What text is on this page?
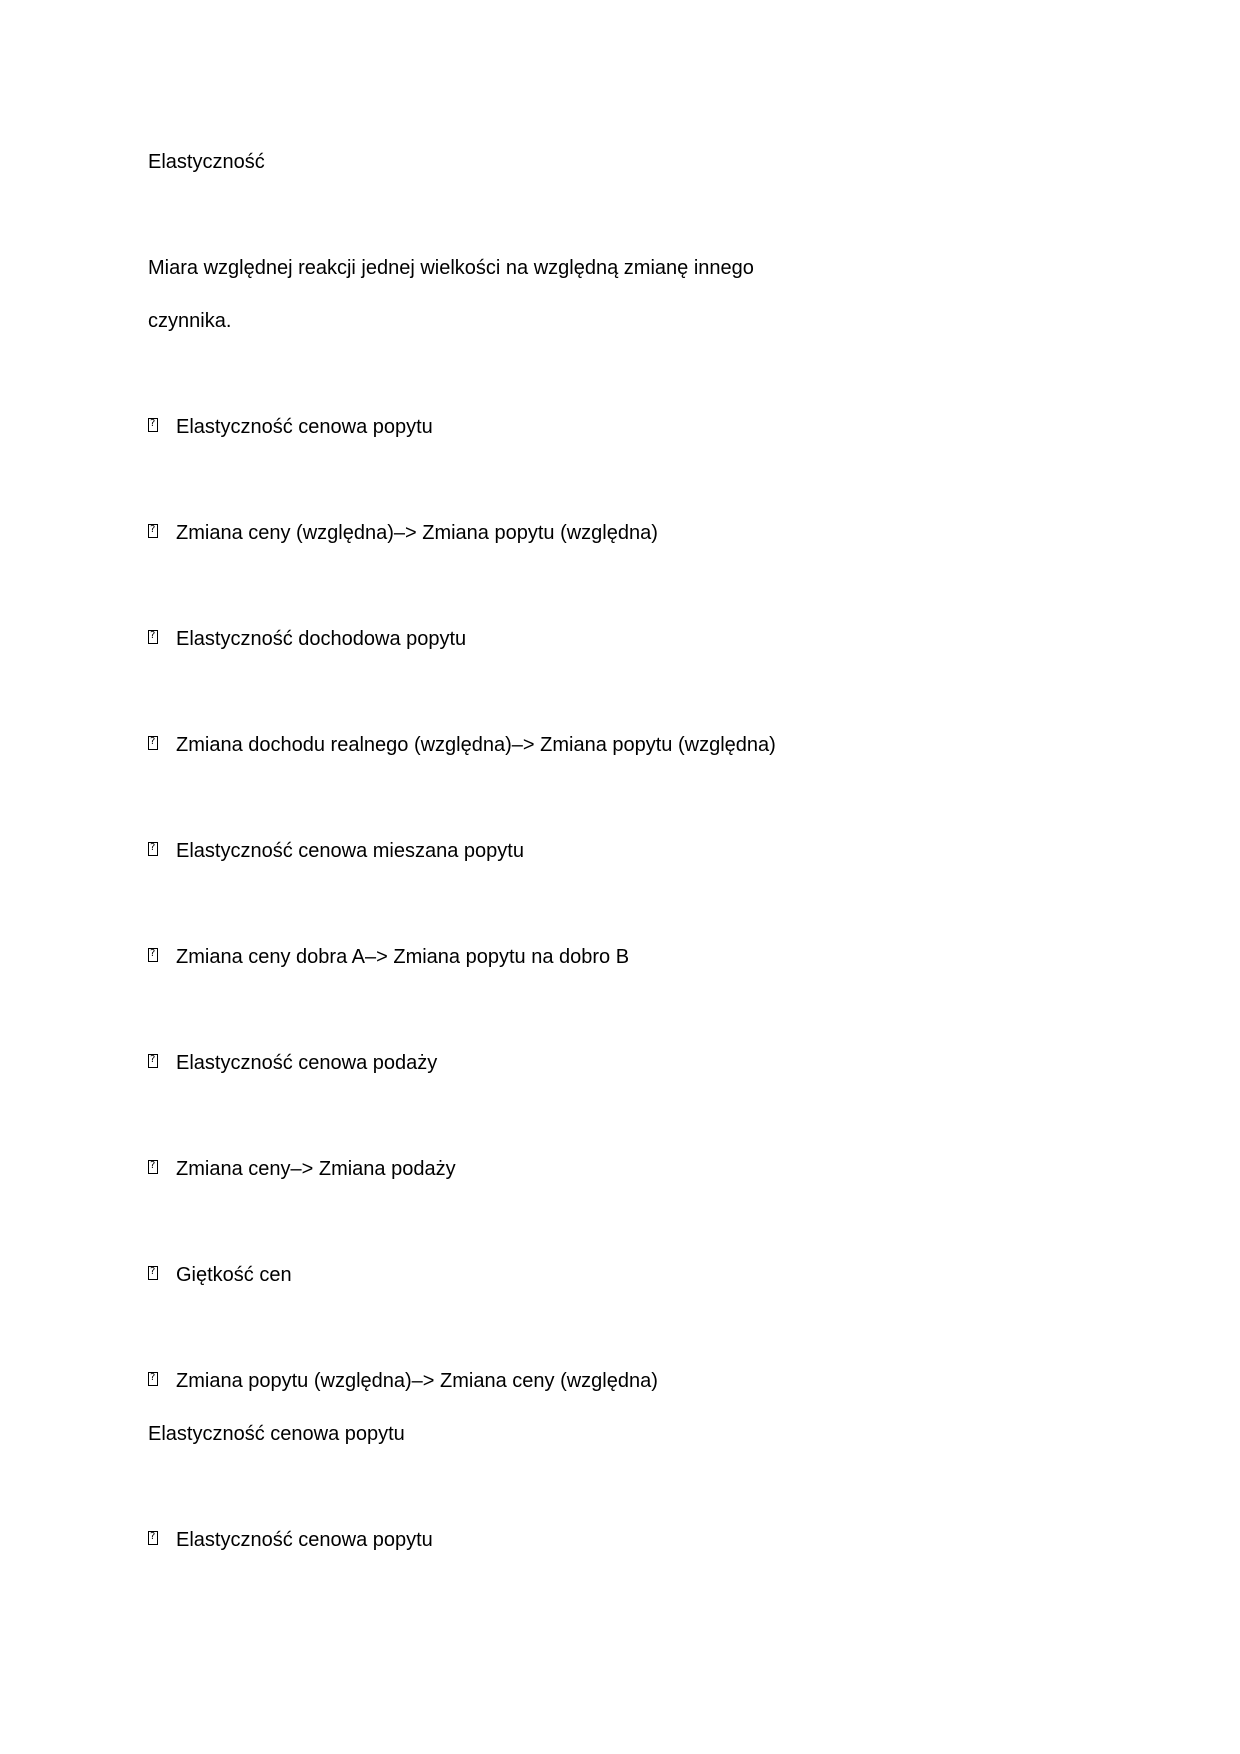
Elastyczność
Miara względnej reakcji jednej wielkości na względną zmianę innego
czynnika.
?
Elastyczność cenowa popytu
?
Zmiana ceny (względna)–> Zmiana popytu (względna)
?
Elastyczność dochodowa popytu
?
Zmiana dochodu realnego (względna)–> Zmiana popytu (względna)
?
Elastyczność cenowa mieszana popytu
?
Zmiana ceny dobra A–> Zmiana popytu na dobro B
?
Elastyczność cenowa podaży
?
Zmiana ceny–> Zmiana podaży
?
Giętkość cen
?
Zmiana popytu (względna)–> Zmiana ceny (względna)
Elastyczność cenowa popytu
?
Elastyczność cenowa popytu
